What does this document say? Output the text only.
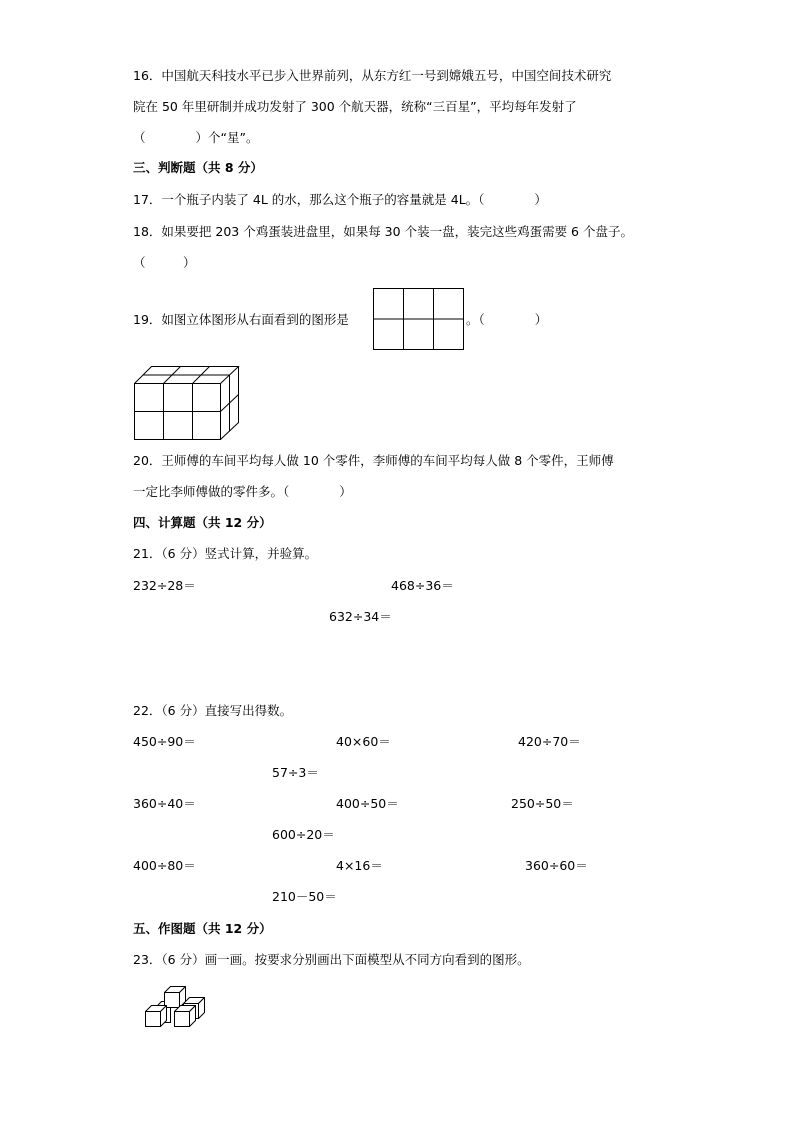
16．中国航天科技水平已步入世界前列，从东方红一号到嫦娥五号，中国空间技术研究
院在 50 年里研制并成功发射了 300 个航天器，统称“三百星”，平均每年发射了
（　　　　）个“星”。
三、判断题（共 8 分）
17．一个瓶子内装了 4L 的水，那么这个瓶子的容量就是 4L。（　　　　）
18．如果要把 203 个鸡蛋装进盘里，如果每 30 个装一盘，装完这些鸡蛋需要 6 个盘子。
（　　　）
19．如图立体图形从右面看到的图形是	。（　　　　）
20．王师傅的车间平均每人做 10 个零件，李师傅的车间平均每人做 8 个零件，王师傅
一定比李师傅做的零件多。（　　　　）
四、计算题（共 12 分）
21．（6 分）竖式计算，并验算。
232÷28＝	468÷36＝
632÷34＝
22．（6 分）直接写出得数。
450÷90＝	40×60＝	420÷70＝
57÷3＝
360÷40＝	400÷50＝	250÷50＝
600÷20＝
400÷80＝	4×16＝	360÷60＝
210－50＝
五、作图题（共 12 分）
23．（6 分）画一画。按要求分别画出下面模型从不同方向看到的图形。
